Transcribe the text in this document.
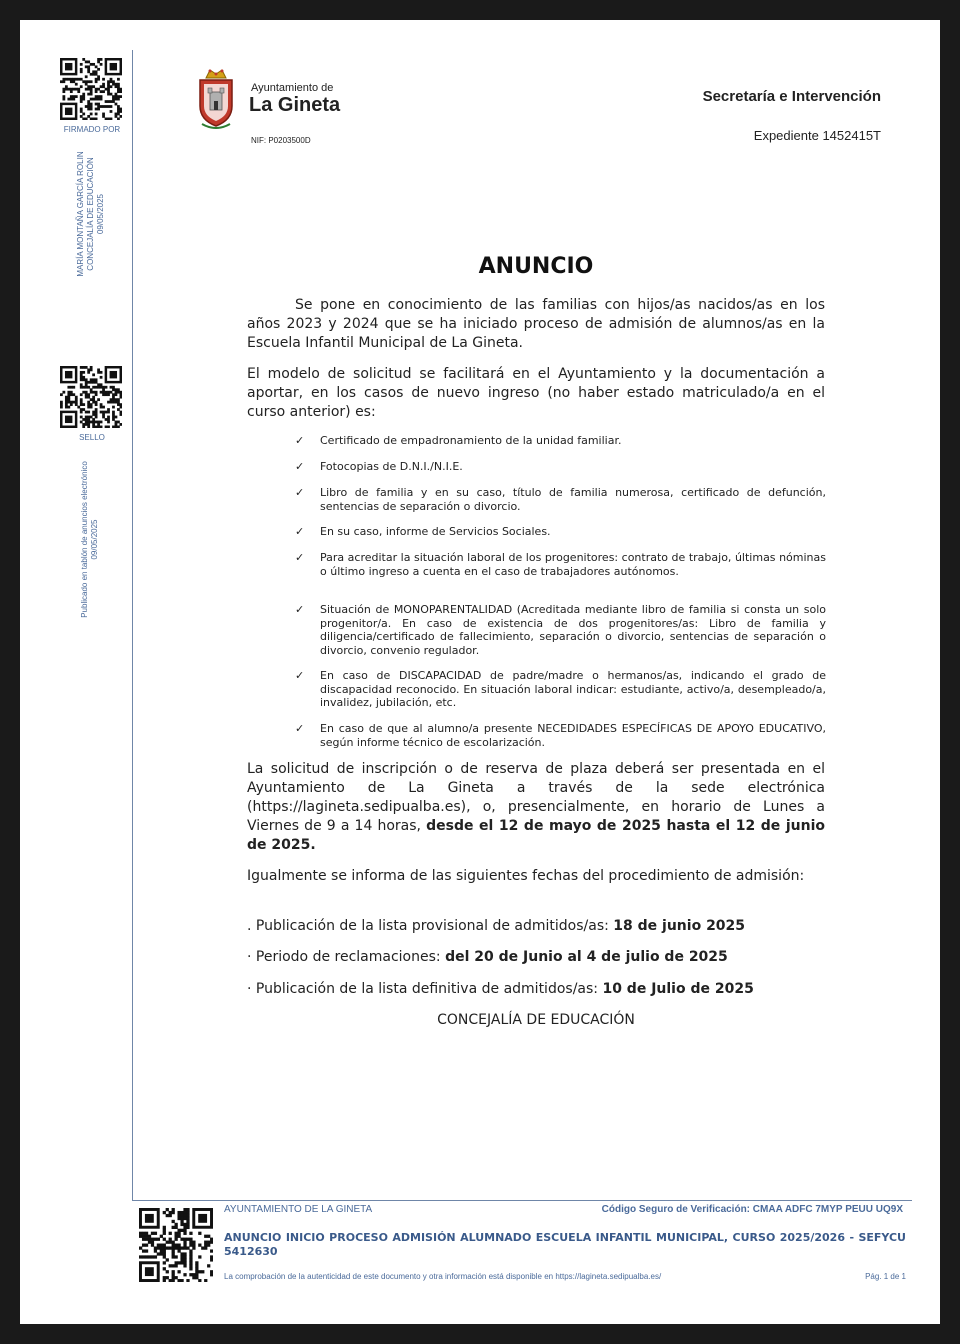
FIRMADO POR
MARÍA MONTAÑA GARCÍA ROLIN CONCEJALÍA DE EDUCACIÓN 09/05/2025
SELLO
Publicado en tablón de anuncios electrónico 09/05/2025
Ayuntamiento de
La Gineta
NIF: P0203500D
Secretaría e Intervención
Expediente 1452415T
ANUNCIO
Se pone en conocimiento de las familias con hijos/as nacidos/as en los años 2023 y 2024 que se ha iniciado proceso de admisión de alumnos/as en la Escuela Infantil Municipal de La Gineta.
El modelo de solicitud se facilitará en el Ayuntamiento y la documentación a aportar, en los casos de nuevo ingreso (no haber estado matriculado/a en el curso anterior) es:
✓ Certificado de empadronamiento de la unidad familiar.
✓ Fotocopias de D.N.I./N.I.E.
✓ Libro de familia y en su caso, título de familia numerosa, certificado de defunción, sentencias de separación o divorcio.
✓ En su caso, informe de Servicios Sociales.
✓ Para acreditar la situación laboral de los progenitores: contrato de trabajo, últimas nóminas o último ingreso a cuenta en el caso de trabajadores autónomos.
✓ Situación de MONOPARENTALIDAD (Acreditada mediante libro de familia si consta un solo progenitor/a. En caso de existencia de dos progenitores/as: Libro de familia y diligencia/certificado de fallecimiento, separación o divorcio, sentencias de separación o divorcio, convenio regulador.
✓ En caso de DISCAPACIDAD de padre/madre o hermanos/as, indicando el grado de discapacidad reconocido. En situación laboral indicar: estudiante, activo/a, desempleado/a, invalidez, jubilación, etc.
✓ En caso de que al alumno/a presente NECEDIDADES ESPECÍFICAS DE APOYO EDUCATIVO, según informe técnico de escolarización.
La solicitud de inscripción o de reserva de plaza deberá ser presentada en el Ayuntamiento de La Gineta a través de la sede electrónica (https://lagineta.sedipualba.es), o, presencialmente, en horario de Lunes a Viernes de 9 a 14 horas, desde el 12 de mayo de 2025 hasta el 12 de junio de 2025.
Igualmente se informa de las siguientes fechas del procedimiento de admisión:
. Publicación de la lista provisional de admitidos/as: 18 de junio 2025
· Periodo de reclamaciones: del 20 de Junio al 4 de julio de 2025
· Publicación de la lista definitiva de admitidos/as: 10 de Julio de 2025
CONCEJALÍA DE EDUCACIÓN
AYUNTAMIENTO DE LA GINETA	Código Seguro de Verificación: CMAA ADFC 7MYP PEUU UQ9X
ANUNCIO INICIO PROCESO ADMISIÓN ALUMNADO ESCUELA INFANTIL MUNICIPAL, CURSO 2025/2026 - SEFYCU 5412630
La comprobación de la autenticidad de este documento y otra información está disponible en https://lagineta.sedipualba.es/	Pág. 1 de 1
